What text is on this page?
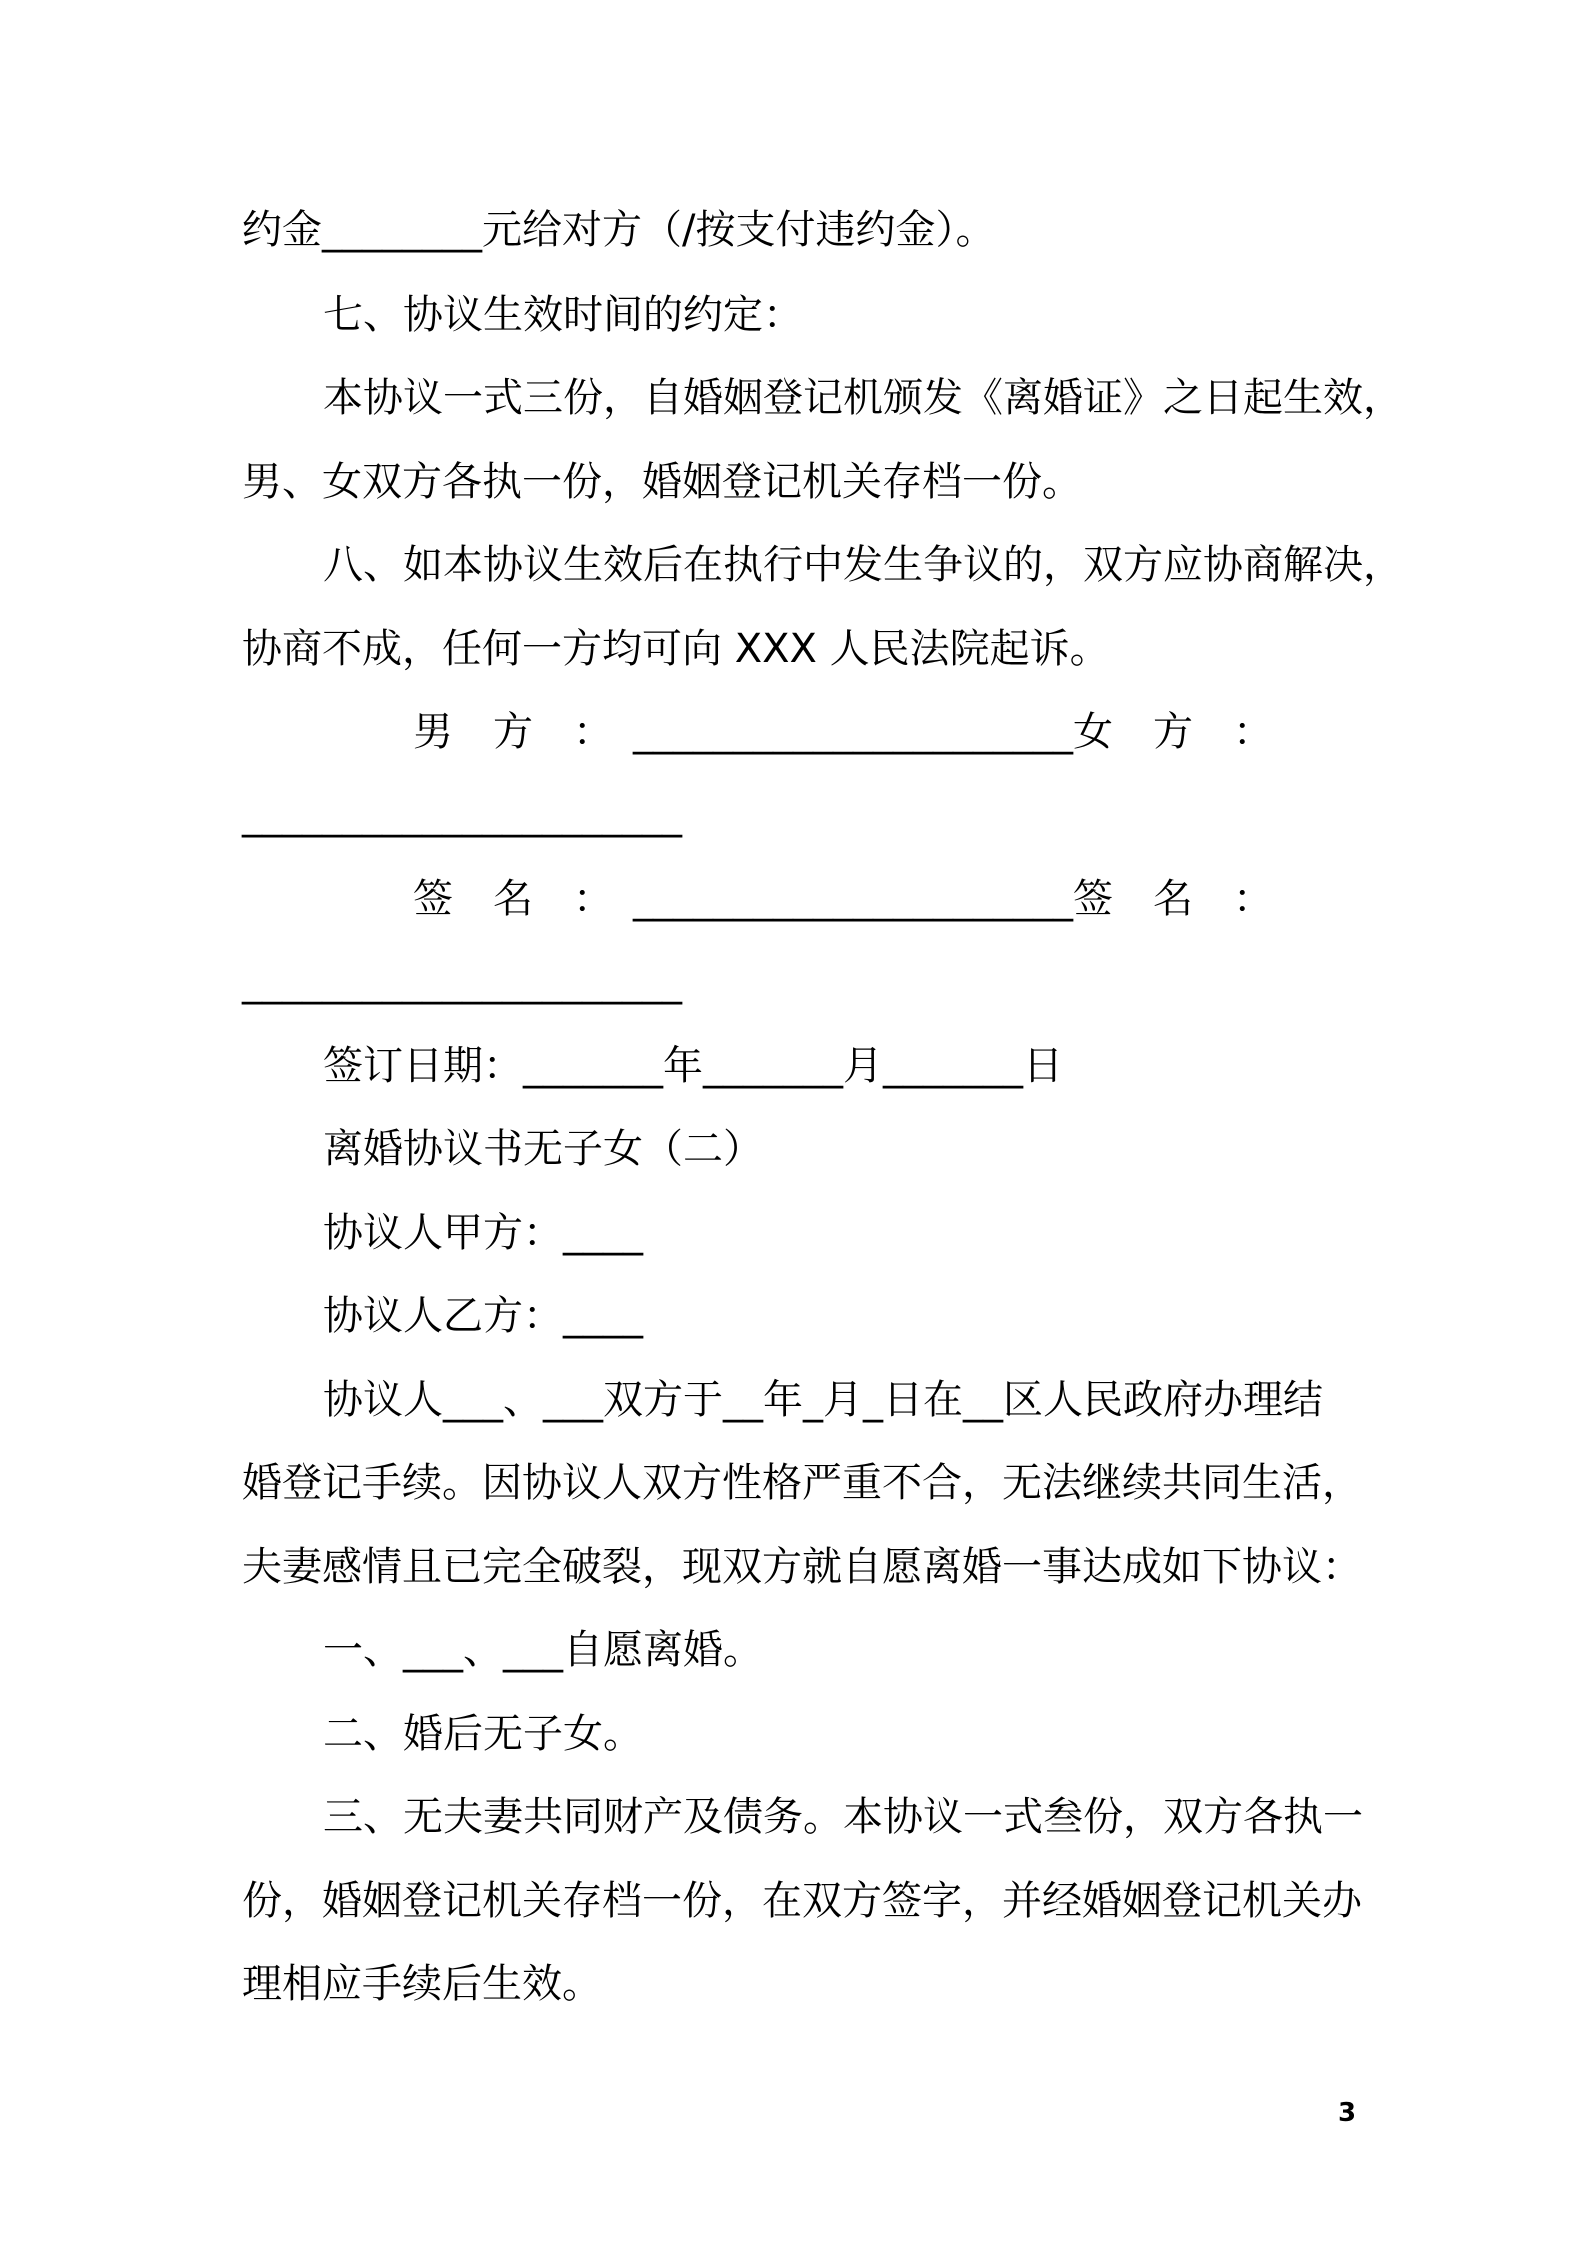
约金________元给对方（/按支付违约金）。
七、协议生效时间的约定：
本协议一式三份，自婚姻登记机颁发《离婚证》之日起生效，
男、女双方各执一份，婚姻登记机关存档一份。
八、如本协议生效后在执行中发生争议的，双方应协商解决，
协商不成，任何一方均可向 XXX 人民法院起诉。
男　方　：　______________________女　方　：
______________________
签　名　：　______________________签　名　：
______________________
签订日期：_______年_______月_______日
离婚协议书无子女（二）
协议人甲方：____
协议人乙方：____
协议人___、___双方于__年_月_日在__区人民政府办理结
婚登记手续。因协议人双方性格严重不合，无法继续共同生活，
夫妻感情且已完全破裂，现双方就自愿离婚一事达成如下协议：
一、___、___自愿离婚。
二、婚后无子女。
三、无夫妻共同财产及债务。本协议一式叁份，双方各执一
份，婚姻登记机关存档一份，在双方签字，并经婚姻登记机关办
理相应手续后生效。
3
